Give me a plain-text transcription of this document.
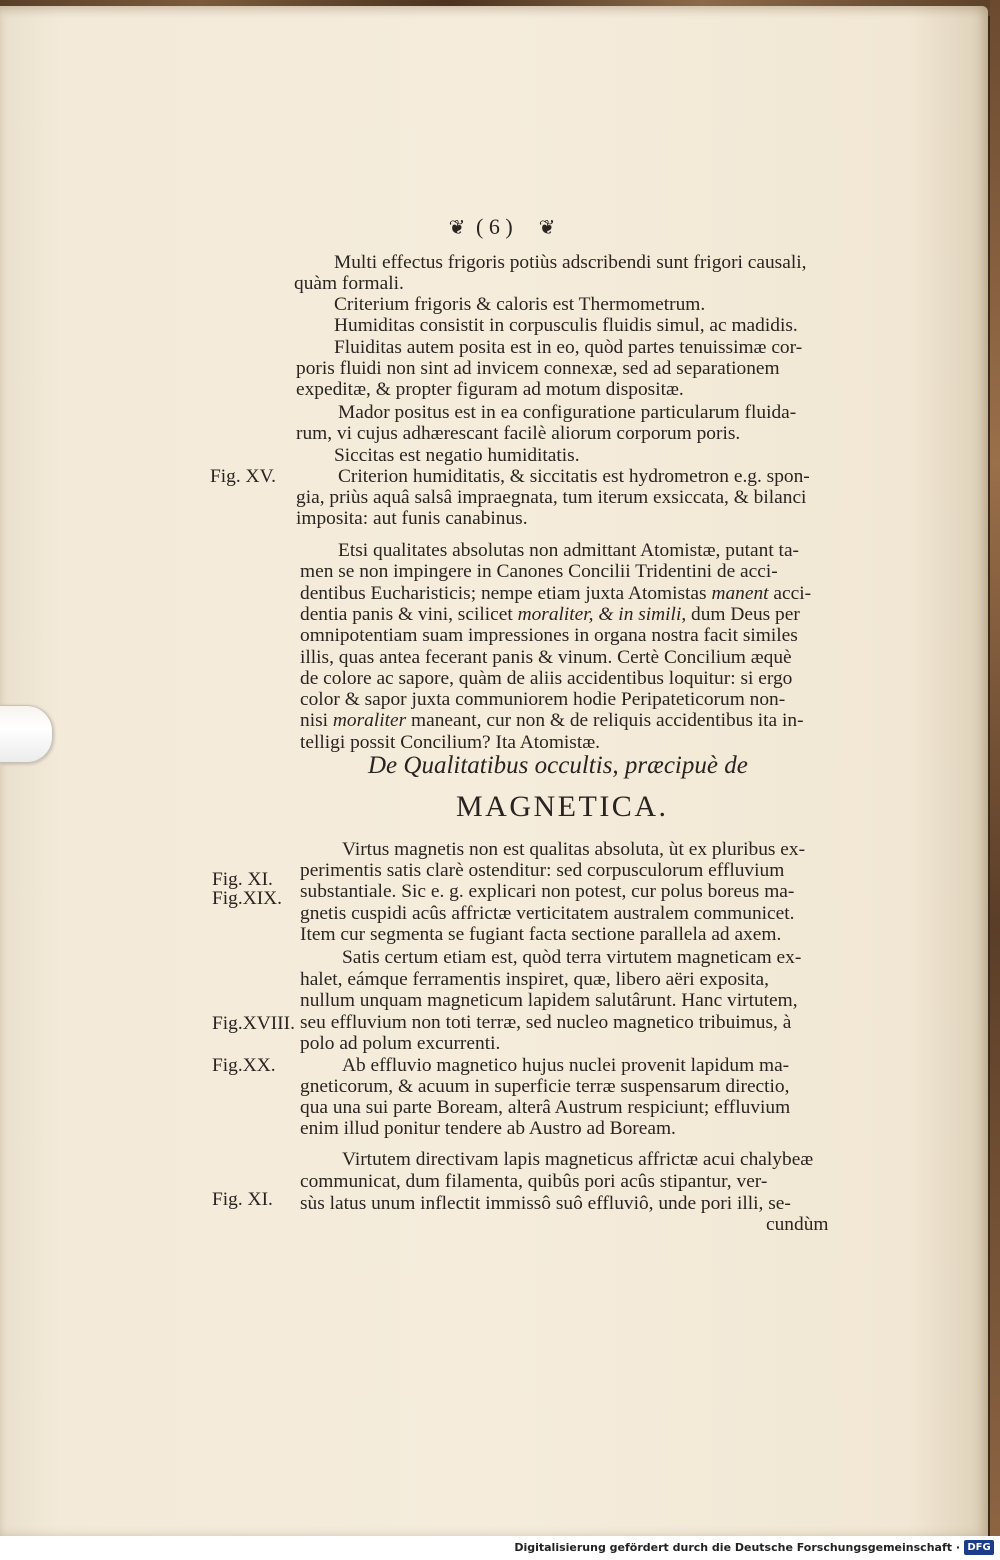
❦ ( 6 ) ❦
Multi effectus frigoris potiùs adscribendi sunt frigori causali,
quàm formali.
Criterium frigoris & caloris est Thermometrum.
Humiditas consistit in corpusculis fluidis simul, ac madidis.
Fluiditas autem posita est in eo, quòd partes tenuissimæ cor-
poris fluidi non sint ad invicem connexæ, sed ad separationem
expeditæ, & propter figuram ad motum dispositæ.
Mador positus est in ea configuratione particularum fluida-
rum, vi cujus adhærescant facilè aliorum corporum poris.
Siccitas est negatio humiditatis.
Criterion humiditatis, & siccitatis est hydrometron e.g. spon-
gia, priùs aquâ salsâ impraegnata, tum iterum exsiccata, & bilanci
imposita: aut funis canabinus.
Etsi qualitates absolutas non admittant Atomistæ, putant ta-
men se non impingere in Canones Concilii Tridentini de acci-
dentibus Eucharisticis; nempe etiam juxta Atomistas manent acci-
dentia panis & vini, scilicet moraliter, & in simili, dum Deus per
omnipotentiam suam impressiones in organa nostra facit similes
illis, quas antea fecerant panis & vinum. Certè Concilium æquè
de colore ac sapore, quàm de aliis accidentibus loquitur: si ergo
color & sapor juxta communiorem hodie Peripateticorum non-
nisi moraliter maneant, cur non & de reliquis accidentibus ita in-
telligi possit Concilium? Ita Atomistæ.
De Qualitatibus occultis, præcipuè de
MAGNETICA.
Virtus magnetis non est qualitas absoluta, ùt ex pluribus ex-
perimentis satis clarè ostenditur: sed corpusculorum effluvium
substantiale. Sic e. g. explicari non potest, cur polus boreus ma-
gnetis cuspidi acûs affrictæ verticitatem australem communicet.
Item cur segmenta se fugiant facta sectione parallela ad axem.
Satis certum etiam est, quòd terra virtutem magneticam ex-
halet, eámque ferramentis inspiret, quæ, libero aëri exposita,
nullum unquam magneticum lapidem salutârunt. Hanc virtutem,
seu effluvium non toti terræ, sed nucleo magnetico tribuimus, à
polo ad polum excurrenti.
Ab effluvio magnetico hujus nuclei provenit lapidum ma-
gneticorum, & acuum in superficie terræ suspensarum directio,
qua una sui parte Boream, alterâ Austrum respiciunt; effluvium
enim illud ponitur tendere ab Austro ad Boream.
Virtutem directivam lapis magneticus affrictæ acui chalybeæ
communicat, dum filamenta, quibûs pori acûs stipantur, ver-
sùs latus unum inflectit immissô suô effluviô, unde pori illi, se-
cundùm
Fig. XV.
Fig. XI.
Fig.XIX.
Fig.XVIII.
Fig.XX.
Fig. XI.
Digitalisierung gefördert durch die Deutsche Forschungsgemeinschaft · DFG
